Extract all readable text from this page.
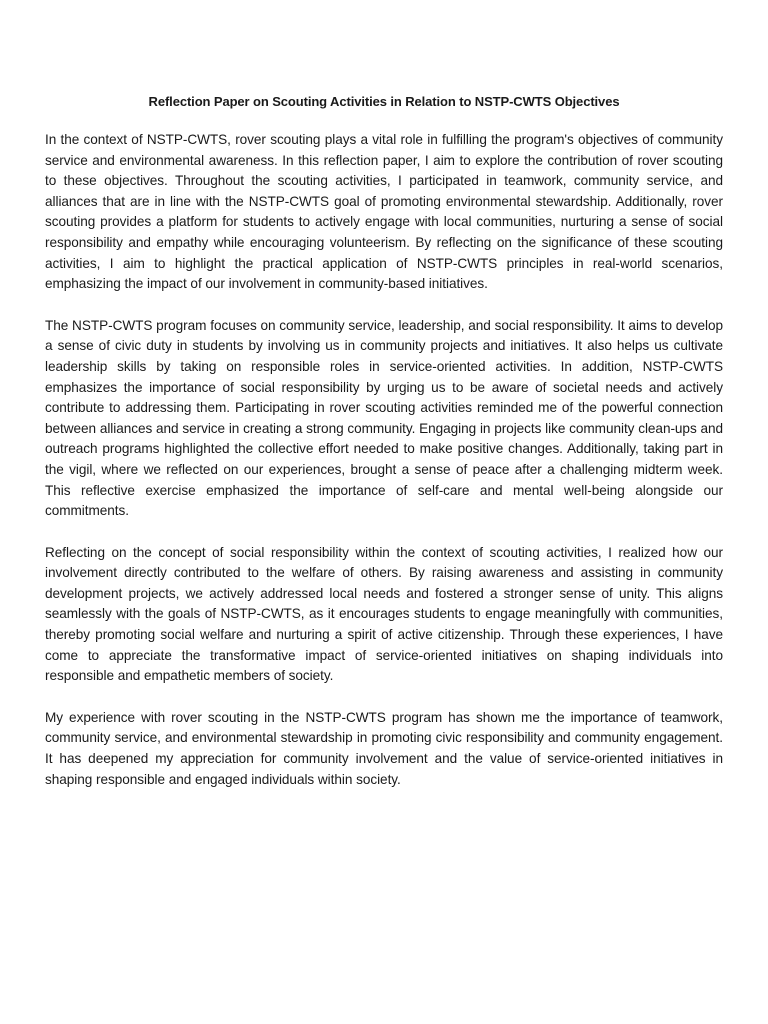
Reflection Paper on Scouting Activities in Relation to NSTP-CWTS Objectives

In the context of NSTP-CWTS, rover scouting plays a vital role in fulfilling the program's objectives of community service and environmental awareness. In this reflection paper, I aim to explore the contribution of rover scouting to these objectives. Throughout the scouting activities, I participated in teamwork, community service, and alliances that are in line with the NSTP-CWTS goal of promoting environmental stewardship. Additionally, rover scouting provides a platform for students to actively engage with local communities, nurturing a sense of social responsibility and empathy while encouraging volunteerism. By reflecting on the significance of these scouting activities, I aim to highlight the practical application of NSTP-CWTS principles in real-world scenarios, emphasizing the impact of our involvement in community-based initiatives.

The NSTP-CWTS program focuses on community service, leadership, and social responsibility. It aims to develop a sense of civic duty in students by involving us in community projects and initiatives. It also helps us cultivate leadership skills by taking on responsible roles in service-oriented activities. In addition, NSTP-CWTS emphasizes the importance of social responsibility by urging us to be aware of societal needs and actively contribute to addressing them. Participating in rover scouting activities reminded me of the powerful connection between alliances and service in creating a strong community. Engaging in projects like community clean-ups and outreach programs highlighted the collective effort needed to make positive changes. Additionally, taking part in the vigil, where we reflected on our experiences, brought a sense of peace after a challenging midterm week. This reflective exercise emphasized the importance of self-care and mental well-being alongside our commitments.

Reflecting on the concept of social responsibility within the context of scouting activities, I realized how our involvement directly contributed to the welfare of others. By raising awareness and assisting in community development projects, we actively addressed local needs and fostered a stronger sense of unity. This aligns seamlessly with the goals of NSTP-CWTS, as it encourages students to engage meaningfully with communities, thereby promoting social welfare and nurturing a spirit of active citizenship. Through these experiences, I have come to appreciate the transformative impact of service-oriented initiatives on shaping individuals into responsible and empathetic members of society.

My experience with rover scouting in the NSTP-CWTS program has shown me the importance of teamwork, community service, and environmental stewardship in promoting civic responsibility and community engagement. It has deepened my appreciation for community involvement and the value of service-oriented initiatives in shaping responsible and engaged individuals within society.
